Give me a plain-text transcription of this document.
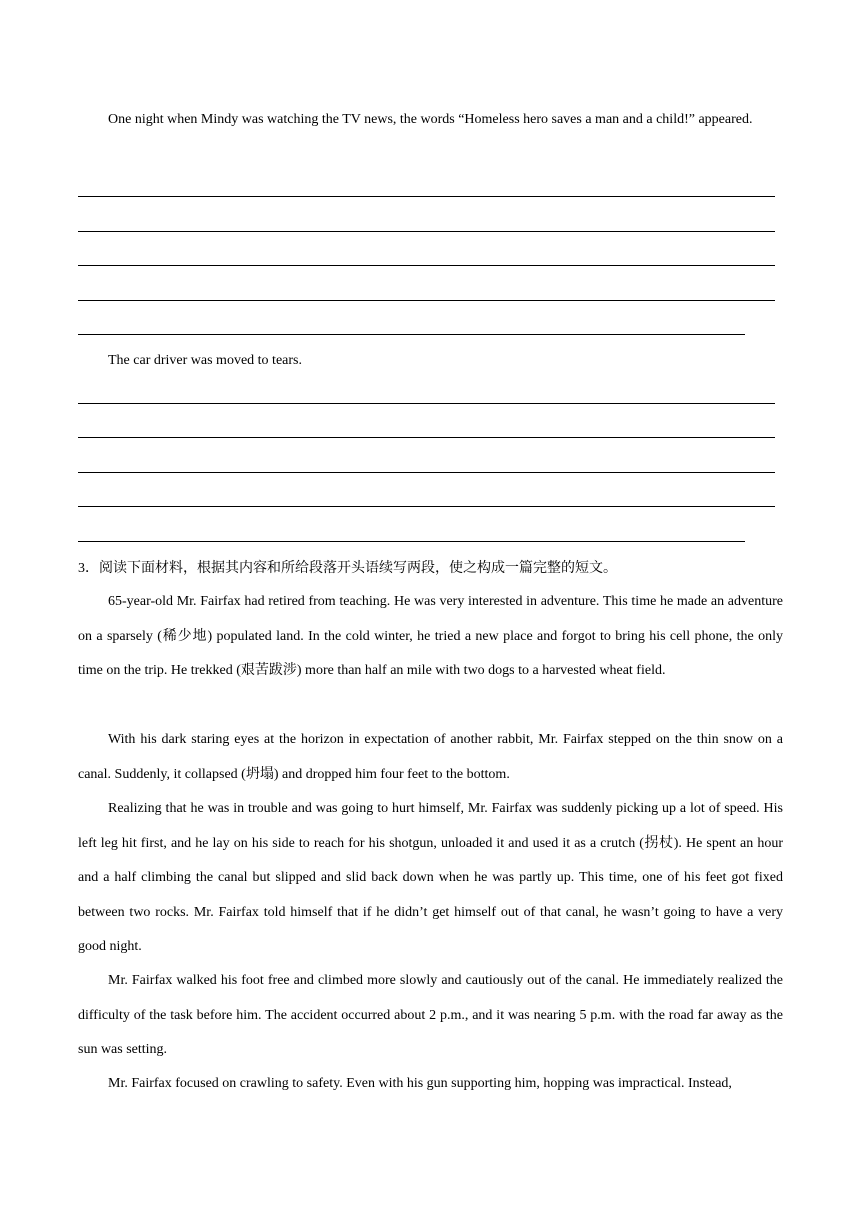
One night when Mindy was watching the TV news, the words “Homeless hero saves a man and a child!” appeared.

The car driver was moved to tears.

3．阅读下面材料，根据其内容和所给段落开头语续写两段，使之构成一篇完整的短文。

65-year-old Mr. Fairfax had retired from teaching. He was very interested in adventure. This time he made an adventure on a sparsely (稀少地) populated land. In the cold winter, he tried a new place and forgot to bring his cell phone, the only time on the trip. He trekked (艰苦跋涉) more than half an mile with two dogs to a harvested wheat field.

With his dark staring eyes at the horizon in expectation of another rabbit, Mr. Fairfax stepped on the thin snow on a canal. Suddenly, it collapsed (坍塌) and dropped him four feet to the bottom.

Realizing that he was in trouble and was going to hurt himself, Mr. Fairfax was suddenly picking up a lot of speed. His left leg hit first, and he lay on his side to reach for his shotgun, unloaded it and used it as a crutch (拐杖). He spent an hour and a half climbing the canal but slipped and slid back down when he was partly up. This time, one of his feet got fixed between two rocks. Mr. Fairfax told himself that if he didn’t get himself out of that canal, he wasn’t going to have a very good night.

Mr. Fairfax walked his foot free and climbed more slowly and cautiously out of the canal. He immediately realized the difficulty of the task before him. The accident occurred about 2 p.m., and it was nearing 5 p.m. with the road far away as the sun was setting.

Mr. Fairfax focused on crawling to safety. Even with his gun supporting him, hopping was impractical. Instead,
